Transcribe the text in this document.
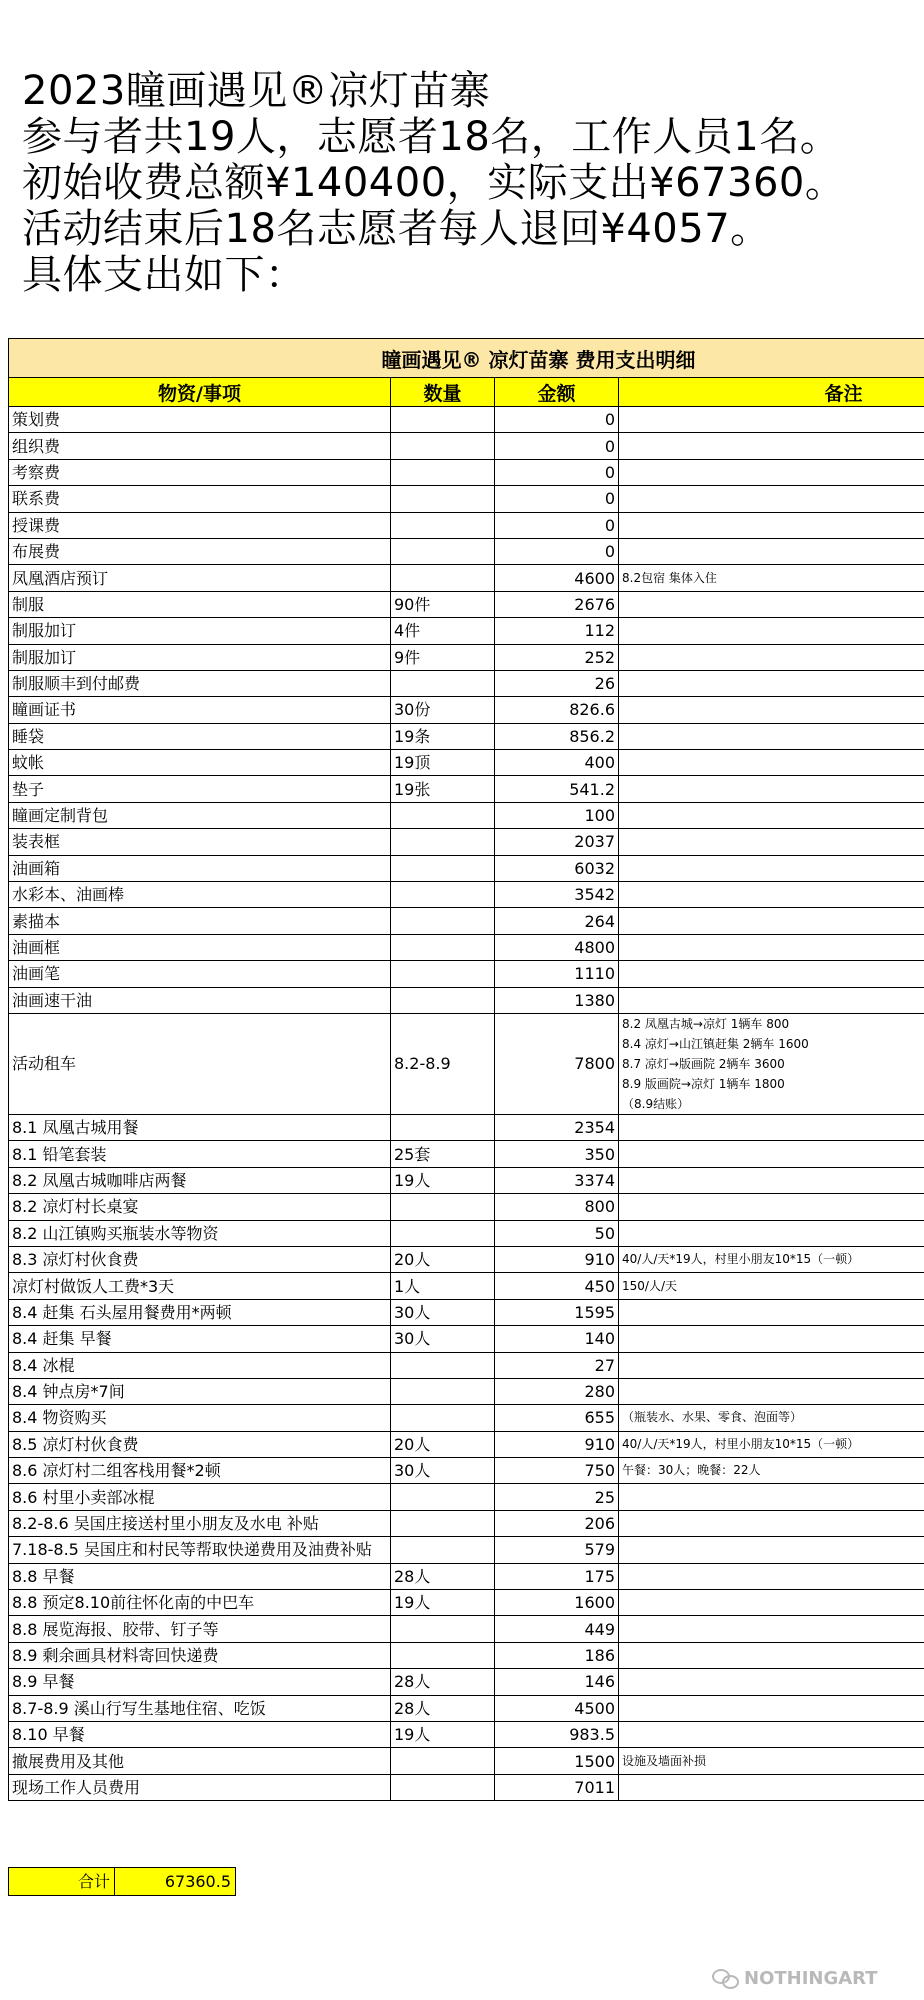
2023瞳画遇见®凉灯苗寨
参与者共19人，志愿者18名，工作人员1名。
初始收费总额¥140400，实际支出¥67360。
活动结束后18名志愿者每人退回¥4057。
具体支出如下：
瞳画遇见® 凉灯苗寨 费用支出明细			
物资/事项	数量	金额	备注
策划费		0	
组织费		0	
考察费		0	
联系费		0	
授课费		0	
布展费		0	
凤凰酒店预订		4600	8.2包宿 集体入住
制服	90件	2676	
制服加订	4件	112	
制服加订	9件	252	
制服顺丰到付邮费		26	
瞳画证书	30份	826.6	
睡袋	19条	856.2	
蚊帐	19顶	400	
垫子	19张	541.2	
瞳画定制背包		100	
装表框		2037	
油画箱		6032	
水彩本、油画棒		3542	
素描本		264	
油画框		4800	
油画笔		1110	
油画速干油		1380	
活动租车	8.2-8.9	7800	8.2 凤凰古城→凉灯 1辆车 800
8.4 凉灯→山江镇赶集 2辆车 1600
8.7 凉灯→版画院 2辆车 3600
8.9 版画院→凉灯 1辆车 1800
（8.9结账）

8.1 凤凰古城用餐		2354	
8.1 铅笔套装	25套	350	
8.2 凤凰古城咖啡店两餐	19人	3374	
8.2 凉灯村长桌宴		800	
8.2 山江镇购买瓶装水等物资		50	
8.3 凉灯村伙食费	20人	910	40/人/天*19人，村里小朋友10*15（一顿）
凉灯村做饭人工费*3天	1人	450	150/人/天
8.4 赶集 石头屋用餐费用*两顿	30人	1595	
8.4 赶集 早餐	30人	140	
8.4 冰棍		27	
8.4 钟点房*7间		280	
8.4 物资购买		655	（瓶装水、水果、零食、泡面等）
8.5 凉灯村伙食费	20人	910	40/人/天*19人，村里小朋友10*15（一顿）
8.6 凉灯村二组客栈用餐*2顿	30人	750	午餐：30人；晚餐：22人
8.6 村里小卖部冰棍		25	
8.2-8.6 吴国庄接送村里小朋友及水电 补贴		206	
7.18-8.5 吴国庄和村民等帮取快递费用及油费补贴		579	
8.8 早餐	28人	175	
8.8 预定8.10前往怀化南的中巴车	19人	1600	
8.8 展览海报、胶带、钉子等		449	
8.9 剩余画具材料寄回快递费		186	
8.9 早餐	28人	146	
8.7-8.9 溪山行写生基地住宿、吃饭	28人	4500	
8.10 早餐	19人	983.5	
撤展费用及其他		1500	设施及墙面补损
现场工作人员费用		7011	
合计	67360.5
NOTHINGART
